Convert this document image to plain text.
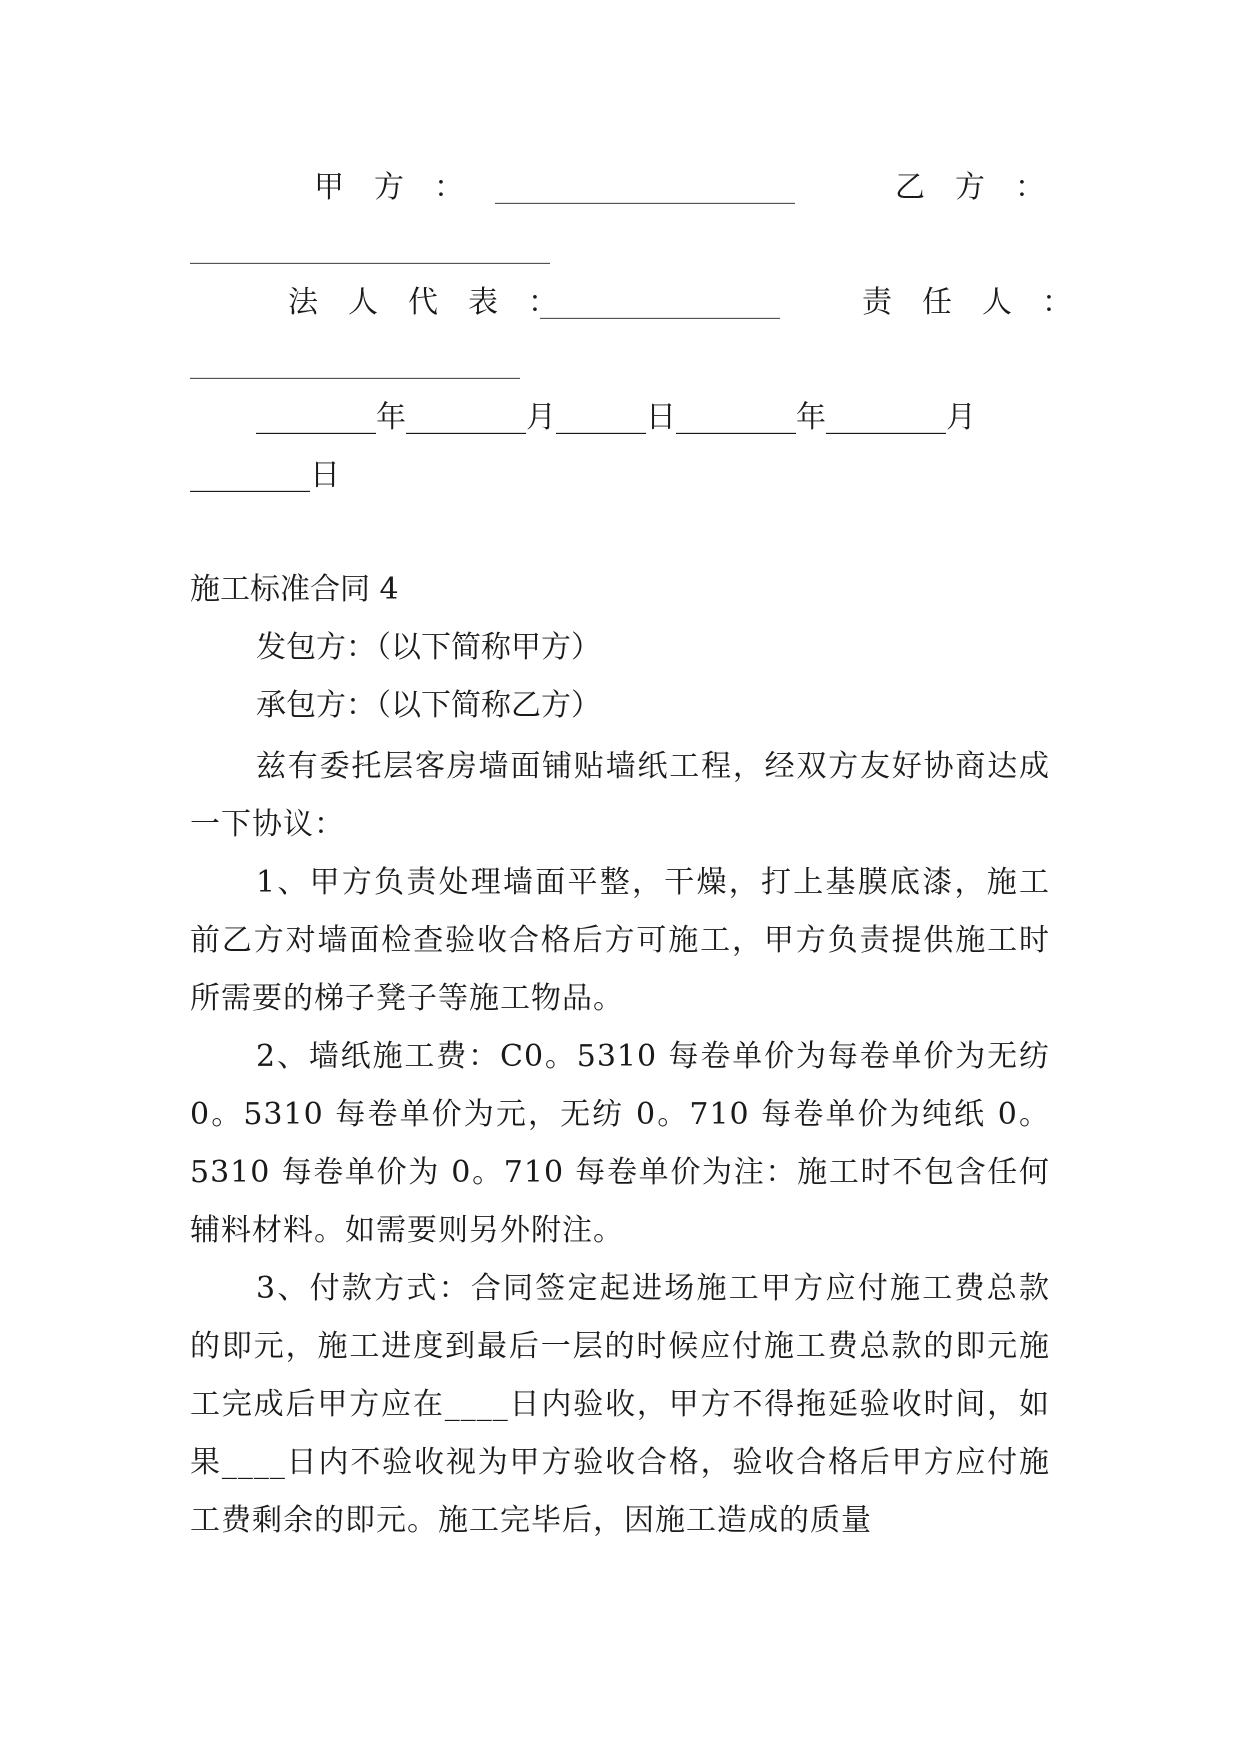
甲　方　： ____________________	乙　方　：
________________________
法　人　代　表　：
________________	责　任　人　：
______________________
________年________月______日________年________月
________日
施工标准合同 4
发包方：（以下简称甲方）
承包方：（以下简称乙方）
兹有委托层客房墙面铺贴墙纸工程，经双方友好协商达成一下协议：
1、甲方负责处理墙面平整，干燥，打上基膜底漆，施工前乙方对墙面检查验收合格后方可施工，甲方负责提供施工时所需要的梯子凳子等施工物品。
2、墙纸施工费：C0。5310 每卷单价为每卷单价为无纺 0。5310 每卷单价为元，无纺 0。710 每卷单价为纯纸 0。5310 每卷单价为 0。710 每卷单价为注：施工时不包含任何辅料材料。如需要则另外附注。
3、付款方式：合同签定起进场施工甲方应付施工费总款的即元，施工进度到最后一层的时候应付施工费总款的即元施工完成后甲方应在____日内验收，甲方不得拖延验收时间，如果____日内不验收视为甲方验收合格，验收合格后甲方应付施工费剩余的即元。施工完毕后，因施工造成的质量
